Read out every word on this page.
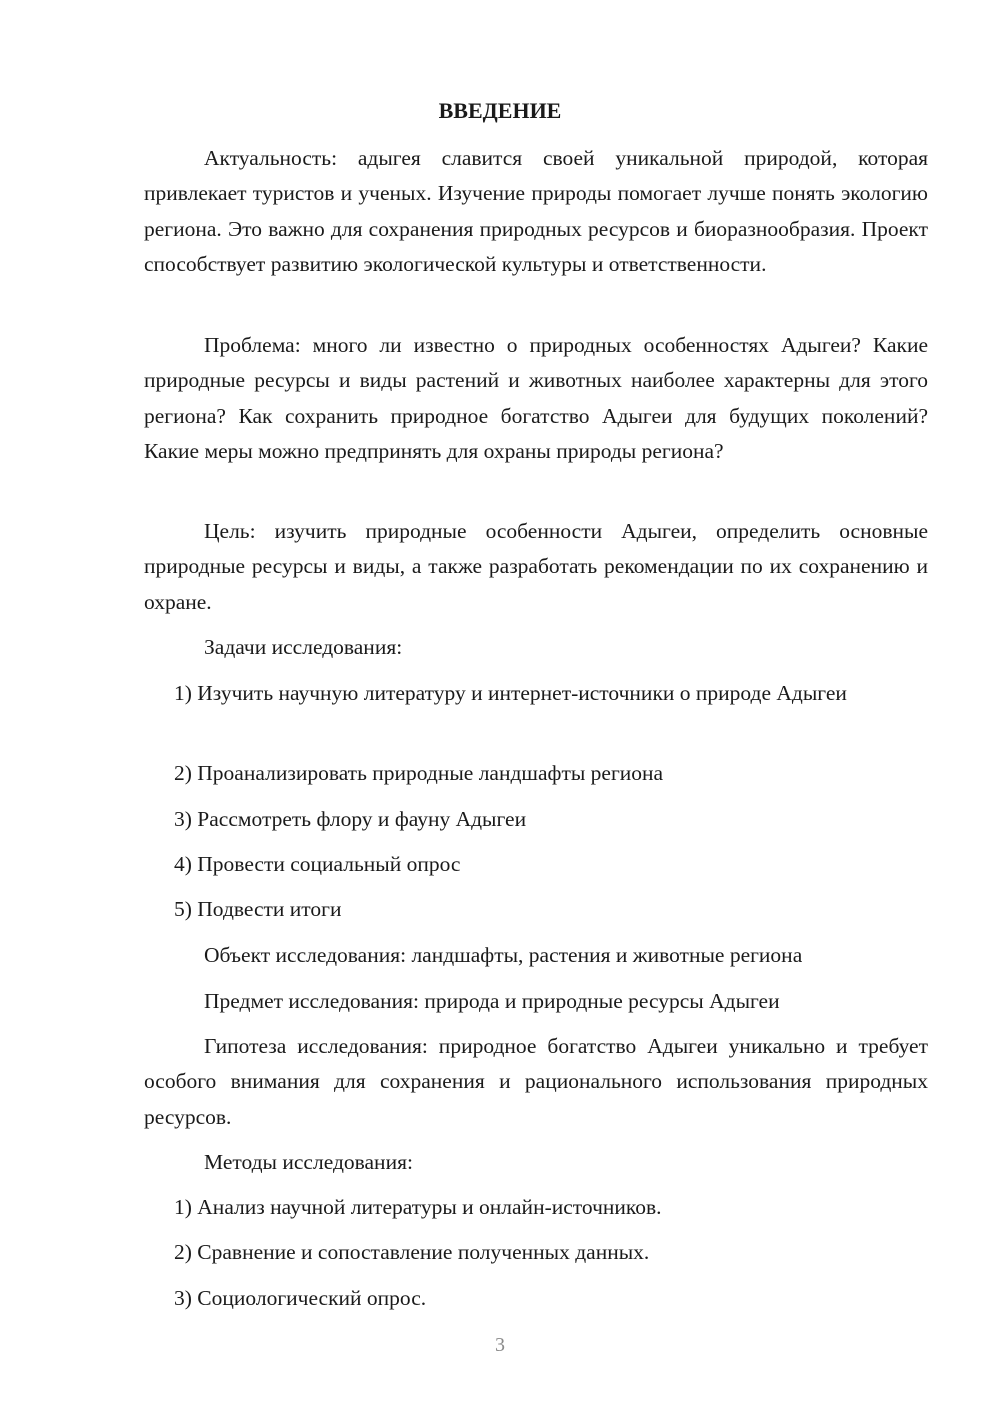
ВВЕДЕНИЕ

Актуальность: адыгея славится своей уникальной природой, которая привлекает туристов и ученых. Изучение природы помогает лучше понять экологию региона. Это важно для сохранения природных ресурсов и биоразнообразия. Проект способствует развитию экологической культуры и ответственности.

Проблема: много ли известно о природных особенностях Адыгеи? Какие природные ресурсы и виды растений и животных наиболее характерны для этого региона? Как сохранить природное богатство Адыгеи для будущих поколений? Какие меры можно предпринять для охраны природы региона?

Цель: изучить природные особенности Адыгеи, определить основные природные ресурсы и виды, а также разработать рекомендации по их сохранению и охране.

Задачи исследования:

1) Изучить научную литературу и интернет-источники о природе Адыгеи

2) Проанализировать природные ландшафты региона

3) Рассмотреть флору и фауну Адыгеи

4) Провести социальный опрос

5) Подвести итоги

Объект исследования: ландшафты, растения и животные региона

Предмет исследования: природа и природные ресурсы Адыгеи

Гипотеза исследования: природное богатство Адыгеи уникально и требует особого внимания для сохранения и рационального использования природных ресурсов.

Методы исследования:

1) Анализ научной литературы и онлайн-источников.

2) Сравнение и сопоставление полученных данных.

3) Социологический опрос.

3
